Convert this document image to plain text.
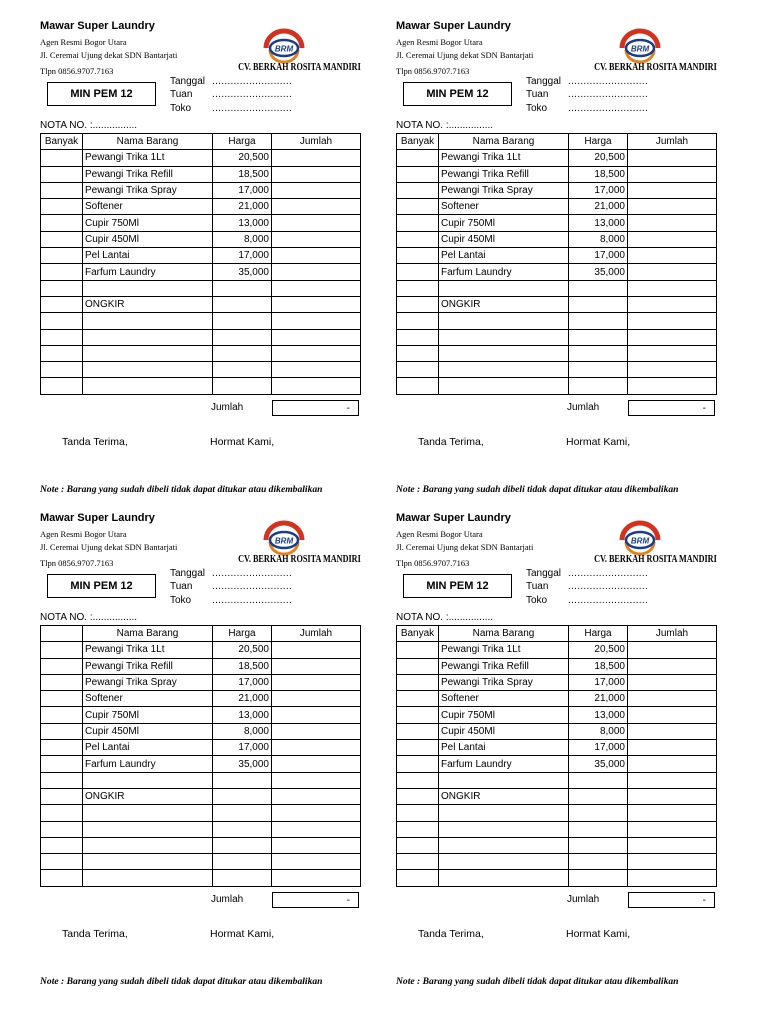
Mawar Super Laundry
Agen Resmi Bogor Utara
Jl. Ceremai Ujung dekat SDN Bantarjati
Tlpn 0856.9707.7163
BRM
CV. BERKAH ROSITA MANDIRI
MIN PEM 12
Tanggal ..........................
Tuan ..........................
Toko ..........................
NOTA NO. :................
Banyak	Nama Barang	Harga	Jumlah
	Pewangi Trika 1Lt	20,500	
	Pewangi Trika Refill	18,500	
	Pewangi Trika Spray	17,000	
	Softener	21,000	
	Cupir 750Ml	13,000	
	Cupir 450Ml	8,000	
	Pel Lantai	17,000	
	Farfum Laundry	35,000	

	ONGKIR		

Jumlah	-
Tanda Terima,	Hormat Kami,
Note : Barang yang sudah dibeli tidak dapat ditukar atau dikembalikan
Mawar Super Laundry
Agen Resmi Bogor Utara
Jl. Ceremai Ujung dekat SDN Bantarjati
Tlpn 0856.9707.7163
BRM
CV. BERKAH ROSITA MANDIRI
MIN PEM 12
Tanggal ..........................
Tuan ..........................
Toko ..........................
NOTA NO. :................
Banyak	Nama Barang	Harga	Jumlah
	Pewangi Trika 1Lt	20,500	
	Pewangi Trika Refill	18,500	
	Pewangi Trika Spray	17,000	
	Softener	21,000	
	Cupir 750Ml	13,000	
	Cupir 450Ml	8,000	
	Pel Lantai	17,000	
	Farfum Laundry	35,000	

	ONGKIR		

Jumlah	-
Tanda Terima,	Hormat Kami,
Note : Barang yang sudah dibeli tidak dapat ditukar atau dikembalikan
Mawar Super Laundry
Agen Resmi Bogor Utara
Jl. Ceremai Ujung dekat SDN Bantarjati
Tlpn 0856.9707.7163
BRM
CV. BERKAH ROSITA MANDIRI
MIN PEM 12
Tanggal ..........................
Tuan ..........................
Toko ..........................
NOTA NO. :................
	Nama Barang	Harga	Jumlah
	Pewangi Trika 1Lt	20,500	
	Pewangi Trika Refill	18,500	
	Pewangi Trika Spray	17,000	
	Softener	21,000	
	Cupir 750Ml	13,000	
	Cupir 450Ml	8,000	
	Pel Lantai	17,000	
	Farfum Laundry	35,000	

	ONGKIR		

Jumlah	-
Tanda Terima,	Hormat Kami,
Note : Barang yang sudah dibeli tidak dapat ditukar atau dikembalikan
Mawar Super Laundry
Agen Resmi Bogor Utara
Jl. Ceremai Ujung dekat SDN Bantarjati
Tlpn 0856.9707.7163
BRM
CV. BERKAH ROSITA MANDIRI
MIN PEM 12
Tanggal ..........................
Tuan ..........................
Toko ..........................
NOTA NO. :................
Banyak	Nama Barang	Harga	Jumlah
	Pewangi Trika 1Lt	20,500	
	Pewangi Trika Refill	18,500	
	Pewangi Trika Spray	17,000	
	Softener	21,000	
	Cupir 750Ml	13,000	
	Cupir 450Ml	8,000	
	Pel Lantai	17,000	
	Farfum Laundry	35,000	

	ONGKIR		

Jumlah	-
Tanda Terima,	Hormat Kami,
Note : Barang yang sudah dibeli tidak dapat ditukar atau dikembalikan
